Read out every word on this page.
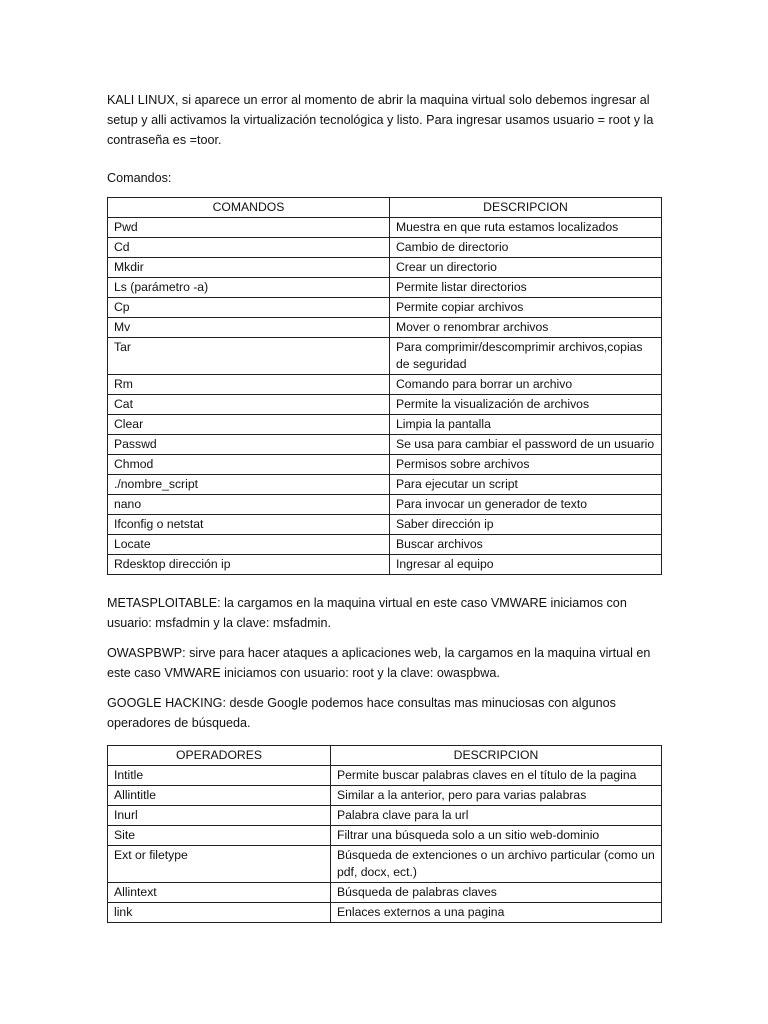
KALI LINUX, si aparece un error al momento de abrir la maquina virtual solo debemos ingresar al setup y alli activamos la virtualización tecnológica y listo. Para ingresar usamos usuario = root y la contraseña es =toor.

Comandos:

COMANDOS	DESCRIPCION
Pwd	Muestra en que ruta estamos localizados
Cd	Cambio de directorio
Mkdir	Crear un directorio
Ls (parámetro -a)	Permite listar directorios
Cp	Permite copiar archivos
Mv	Mover o renombrar archivos
Tar	Para comprimir/descomprimir archivos,copias de seguridad
Rm	Comando para borrar un archivo
Cat	Permite la visualización de archivos
Clear	Limpia la pantalla
Passwd	Se usa para cambiar el password de un usuario
Chmod	Permisos sobre archivos
./nombre_script	Para ejecutar un script
nano	Para invocar un generador de texto
Ifconfig o netstat	Saber dirección ip
Locate	Buscar archivos
Rdesktop dirección ip	Ingresar al equipo

METASPLOITABLE: la cargamos en la maquina virtual en este caso VMWARE iniciamos con usuario: msfadmin y la clave: msfadmin.

OWASPBWP: sirve para hacer ataques a aplicaciones web, la cargamos en la maquina virtual en este caso VMWARE iniciamos con usuario: root y la clave: owaspbwa.

GOOGLE HACKING: desde Google podemos hace consultas mas minuciosas con algunos operadores de búsqueda.

OPERADORES	DESCRIPCION
Intitle	Permite buscar palabras claves en el título de la pagina
Allintitle	Similar a la anterior, pero para varias palabras
Inurl	Palabra clave para la url
Site	Filtrar una búsqueda solo a un sitio web-dominio
Ext or filetype	Búsqueda de extenciones o un archivo particular (como un pdf, docx, ect.)
Allintext	Búsqueda de palabras claves
link	Enlaces externos a una pagina
